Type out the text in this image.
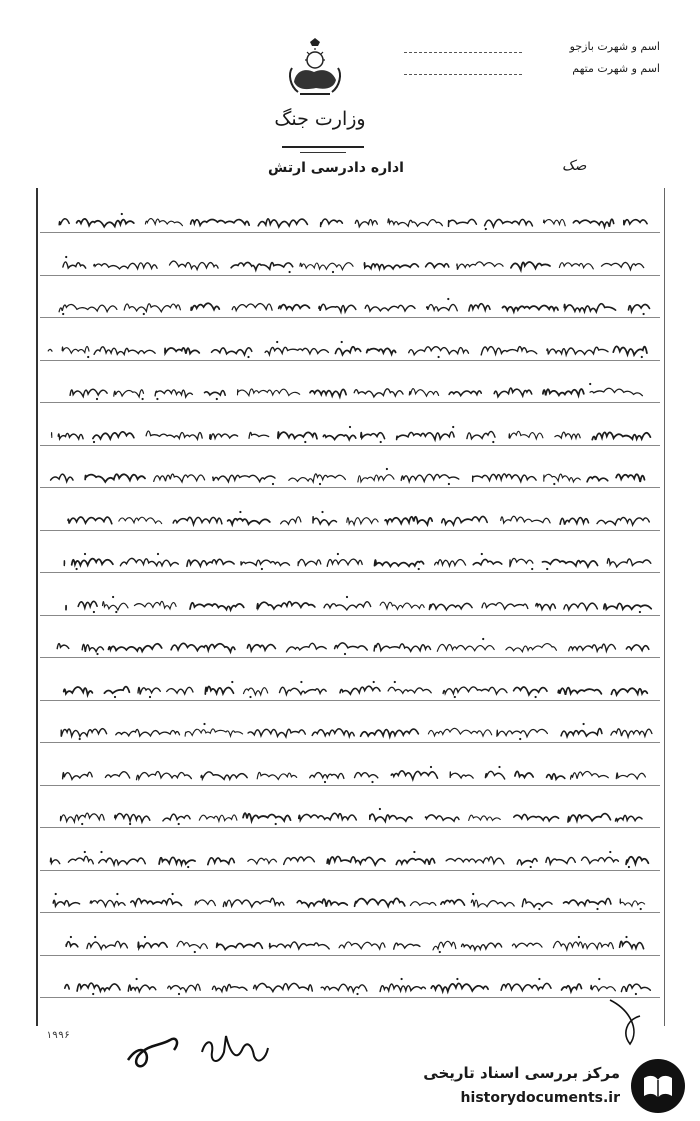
وزارت جنگ
اسم و شهرت بازجو
اسم و شهرت متهم
اداره دادرسی ارتش	صک
۱۹۹۶
مرکز بررسی اسناد تاریخی
historydocuments.ir
